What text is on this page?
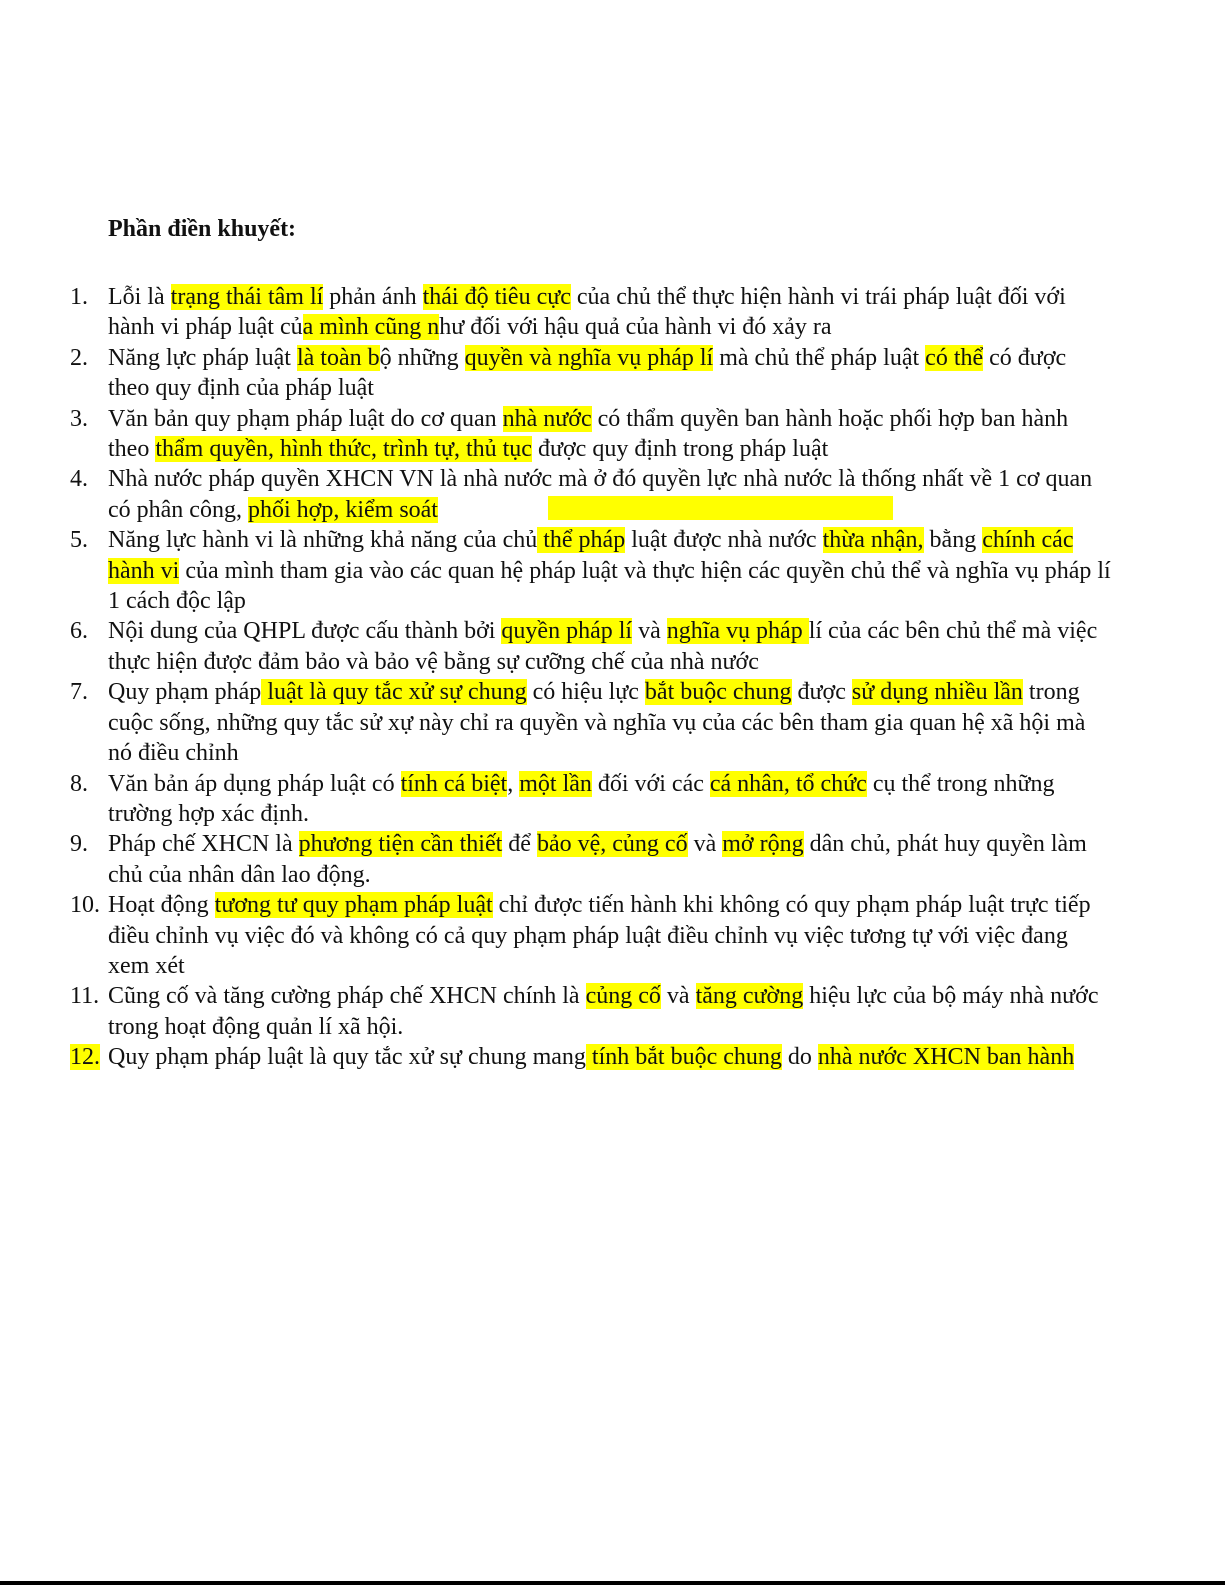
Phần điền khuyết:
1. Lỗi là trạng thái tâm lí phản ánh thái độ tiêu cực của chủ thể thực hiện hành vi trái pháp luật đối với hành vi pháp luật của mình cũng như đối với hậu quả của hành vi đó xảy ra
2. Năng lực pháp luật là toàn bộ những quyền và nghĩa vụ pháp lí mà chủ thể pháp luật có thể có được theo quy định của pháp luật
3. Văn bản quy phạm pháp luật do cơ quan nhà nước có thẩm quyền ban hành hoặc phối hợp ban hành theo thẩm quyền, hình thức, trình tự, thủ tục được quy định trong pháp luật
4. Nhà nước pháp quyền XHCN VN là nhà nước mà ở đó quyền lực nhà nước là thống nhất về 1 cơ quan có phân công, phối hợp, kiểm soát
5. Năng lực hành vi là những khả năng của chủ thể pháp luật được nhà nước thừa nhận, bằng chính các hành vi của mình tham gia vào các quan hệ pháp luật và thực hiện các quyền chủ thể và nghĩa vụ pháp lí 1 cách độc lập
6. Nội dung của QHPL được cấu thành bởi quyền pháp lí và nghĩa vụ pháp lí của các bên chủ thể mà việc thực hiện được đảm bảo và bảo vệ bằng sự cưỡng chế của nhà nước
7. Quy phạm pháp luật là quy tắc xử sự chung có hiệu lực bắt buộc chung được sử dụng nhiều lần trong cuộc sống, những quy tắc sử xự này chỉ ra quyền và nghĩa vụ của các bên tham gia quan hệ xã hội mà nó điều chỉnh
8. Văn bản áp dụng pháp luật có tính cá biệt, một lần đối với các cá nhân, tổ chức cụ thể trong những trường hợp xác định.
9. Pháp chế XHCN là phương tiện cần thiết để bảo vệ, củng cố và mở rộng dân chủ, phát huy quyền làm chủ của nhân dân lao động.
10. Hoạt động tương tư quy phạm pháp luật chỉ được tiến hành khi không có quy phạm pháp luật trực tiếp điều chỉnh vụ việc đó và không có cả quy phạm pháp luật điều chỉnh vụ việc tương tự với việc đang xem xét
11. Cũng cố và tăng cường pháp chế XHCN chính là củng cố và tăng cường hiệu lực của bộ máy nhà nước trong hoạt động quản lí xã hội.
12. Quy phạm pháp luật là quy tắc xử sự chung mang tính bắt buộc chung do nhà nước XHCN ban hành
